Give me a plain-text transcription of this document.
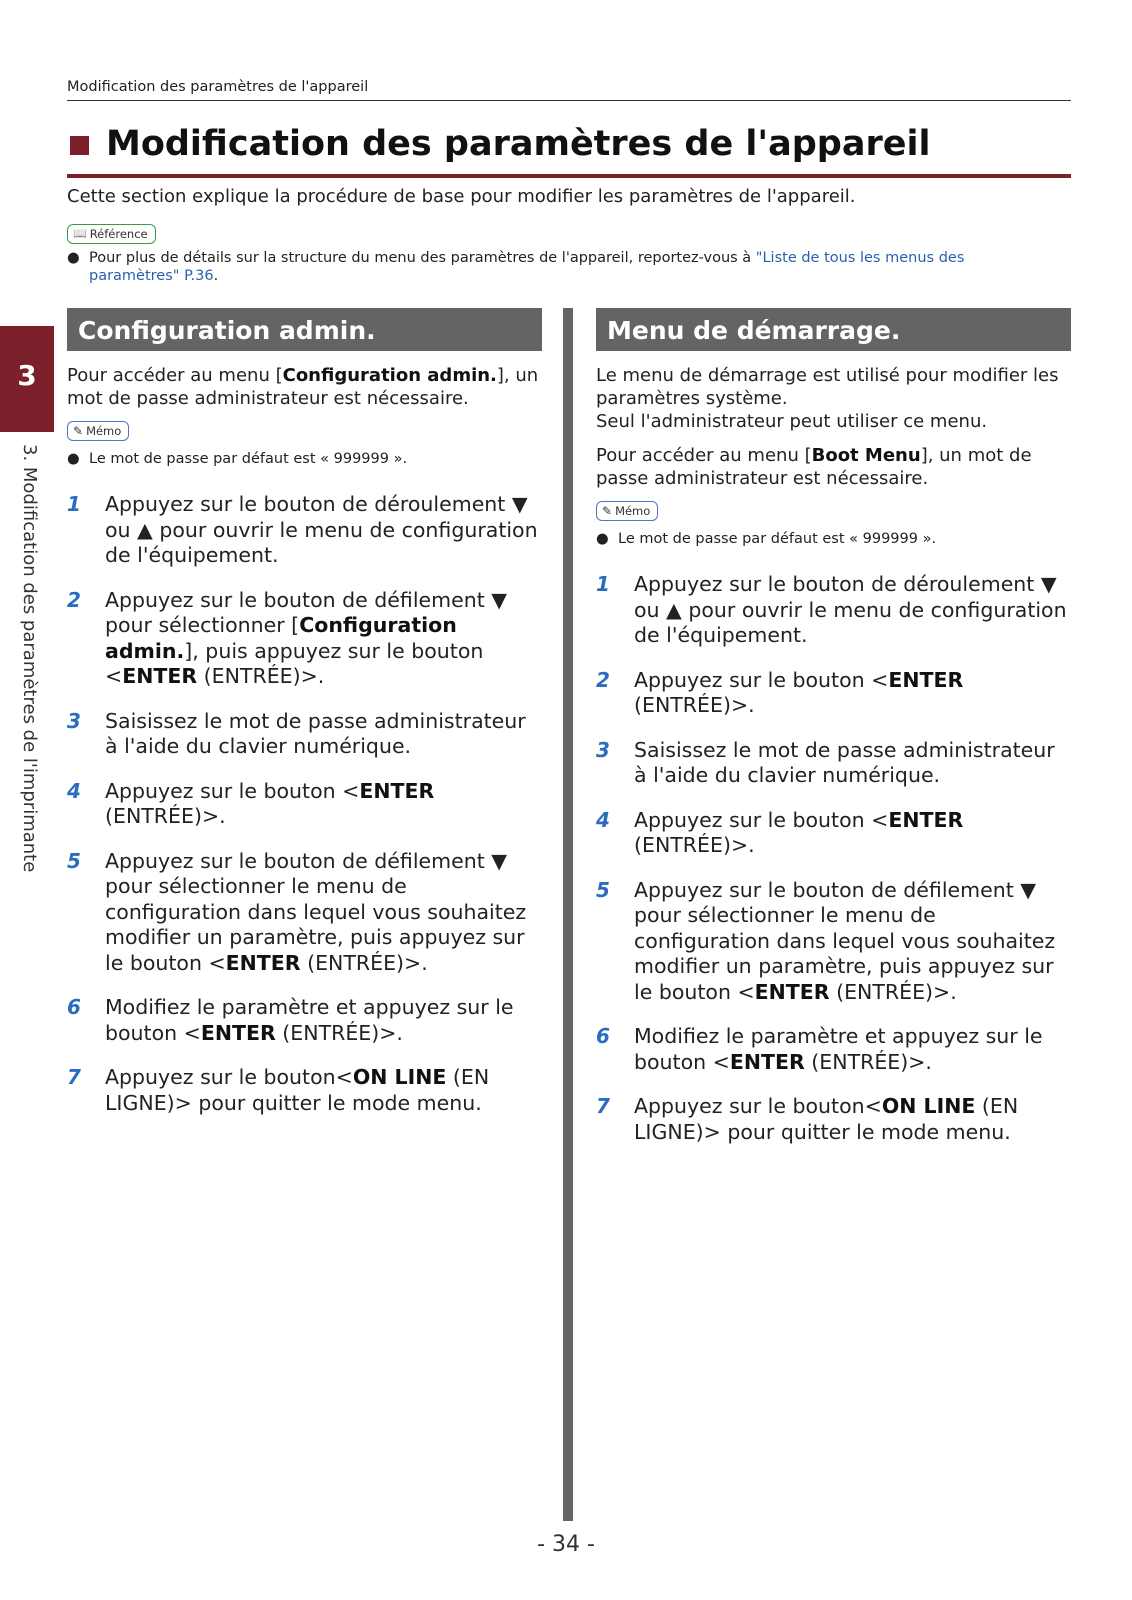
Modification des paramètres de l'appareil
Modification des paramètres de l'appareil

Cette section explique la procédure de base pour modifier les paramètres de l'appareil.

📖 Référence
● Pour plus de détails sur la structure du menu des paramètres de l'appareil, reportez-vous à "Liste de tous les menus des paramètres" P.36.
3
3. Modification des paramètres de l'imprimante
Configuration admin.

Pour accéder au menu [Configuration admin.], un mot de passe administrateur est nécessaire.

✎ Mémo
● Le mot de passe par défaut est « 999999 ».
1	Appuyez sur le bouton de déroulement ▼ ou ▲ pour ouvrir le menu de configuration de l'équipement.
2	Appuyez sur le bouton de défilement ▼ pour sélectionner [Configuration admin.], puis appuyez sur le bouton <ENTER (ENTRÉE)>.
3	Saisissez le mot de passe administrateur à l'aide du clavier numérique.
4	Appuyez sur le bouton <ENTER (ENTRÉE)>.
5	Appuyez sur le bouton de défilement ▼ pour sélectionner le menu de configuration dans lequel vous souhaitez modifier un paramètre, puis appuyez sur le bouton <ENTER (ENTRÉE)>.
6	Modifiez le paramètre et appuyez sur le bouton <ENTER (ENTRÉE)>.
7	Appuyez sur le bouton<ON LINE (EN LIGNE)> pour quitter le mode menu.
Menu de démarrage.

Le menu de démarrage est utilisé pour modifier les paramètres système.

Seul l'administrateur peut utiliser ce menu.

Pour accéder au menu [Boot Menu], un mot de passe administrateur est nécessaire.

✎ Mémo
● Le mot de passe par défaut est « 999999 ».
1	Appuyez sur le bouton de déroulement ▼ ou ▲ pour ouvrir le menu de configuration de l'équipement.
2	Appuyez sur le bouton <ENTER (ENTRÉE)>.
3	Saisissez le mot de passe administrateur à l'aide du clavier numérique.
4	Appuyez sur le bouton <ENTER (ENTRÉE)>.
5	Appuyez sur le bouton de défilement ▼ pour sélectionner le menu de configuration dans lequel vous souhaitez modifier un paramètre, puis appuyez sur le bouton <ENTER (ENTRÉE)>.
6	Modifiez le paramètre et appuyez sur le bouton <ENTER (ENTRÉE)>.
7	Appuyez sur le bouton<ON LINE (EN LIGNE)> pour quitter le mode menu.
- 34 -
